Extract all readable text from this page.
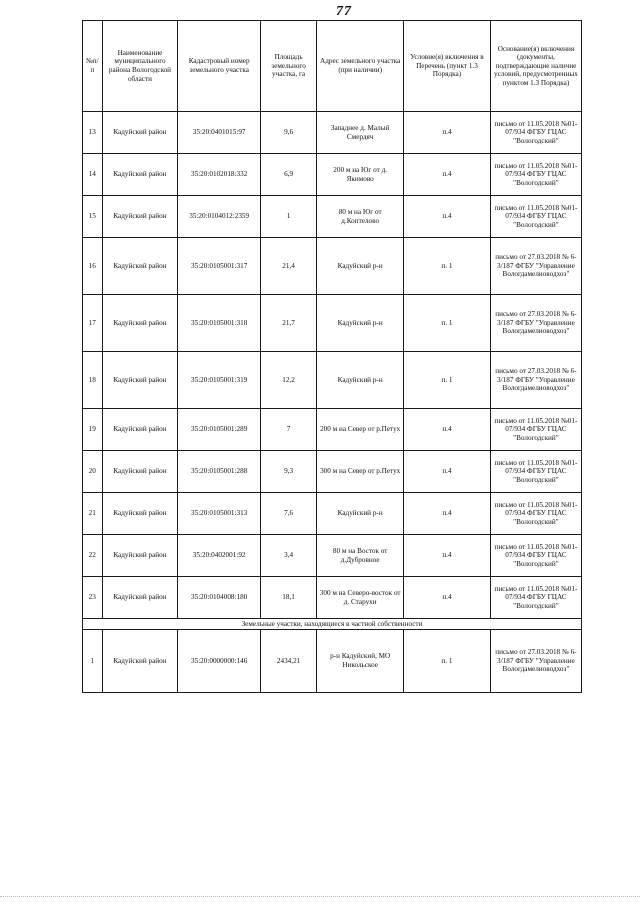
77
№п/п	Наименование муниципального района Вологодской области	Кадастровый номер земельного участка	Площадь земельного участка, га	Адрес земельного участка (при наличии)	Условие(я) включения в Перечень (пункт 1.3 Порядка)	Основание(я) включения (документы, подтверждающие наличие условий, предусмотренных пунктом 1.3 Порядка)
13	Кадуйский район	35:20:0401015:97	9,6	Западнее д. Малый Смердяч	п.4	письмо от 11.05.2018 №01-07/934 ФГБУ ГЦАС "Вологодский"
14	Кадуйский район	35:20:0102018:332	6,9	200 м на Юг от д. Якимово	п.4	письмо от 11.05.2018 №01-07/934 ФГБУ ГЦАС "Вологодский"
15	Кадуйский район	35:20:0104012:2359	1	80 м на Юг от д.Коптелово	п.4	письмо от 11.05.2018 №01-07/934 ФГБУ ГЦАС "Вологодский"
16	Кадуйский район	35:20:0105001:317	21,4	Кадуйский р-н	п. 1	письмо от 27.03.2018 № 6-3/187 ФГБУ "Управление Вологдамелиоводхоз"
17	Кадуйский район	35:20:0105001:318	21,7	Кадуйский р-н	п. 1	письмо от 27.03.2018 № 6-3/187 ФГБУ "Управление Вологдамелиоводхоз"
18	Кадуйский район	35:20:0105001:319	12,2	Кадуйский р-н	п. 1	письмо от 27.03.2018 № 6-3/187 ФГБУ "Управление Вологдамелиоводхоз"
19	Кадуйский район	35:20:0105001:289	7	200 м на Север от р.Петух	п.4	письмо от 11.05.2018 №01-07/934 ФГБУ ГЦАС "Вологодский"
20	Кадуйский район	35:20:0105001:288	9,3	300 м на Север от р.Петух	п.4	письмо от 11.05.2018 №01-07/934 ФГБУ ГЦАС "Вологодский"
21	Кадуйский район	35:20:0105001:313	7,6	Кадуйский р-н	п.4	письмо от 11.05.2018 №01-07/934 ФГБУ ГЦАС "Вологодский"
22	Кадуйский район	35:20:0402001:92	3,4	80 м на Восток от д.Дубровное	п.4	письмо от 11.05.2018 №01-07/934 ФГБУ ГЦАС "Вологодский"
23	Кадуйский район	35:20:0104008:180	18,1	300 м на Северо-восток от д. Старухи	п.4	письмо от 11.05.2018 №01-07/934 ФГБУ ГЦАС "Вологодский"
Земельные участки, находящиеся в частной собственности						
1	Кадуйский район	35:20:0000000:146	2434,21	р-н Кадуйский, МО Никольское	п. 1	письмо от 27.03.2018 № 6-3/187 ФГБУ "Управление Вологдамелиоводхоз"
